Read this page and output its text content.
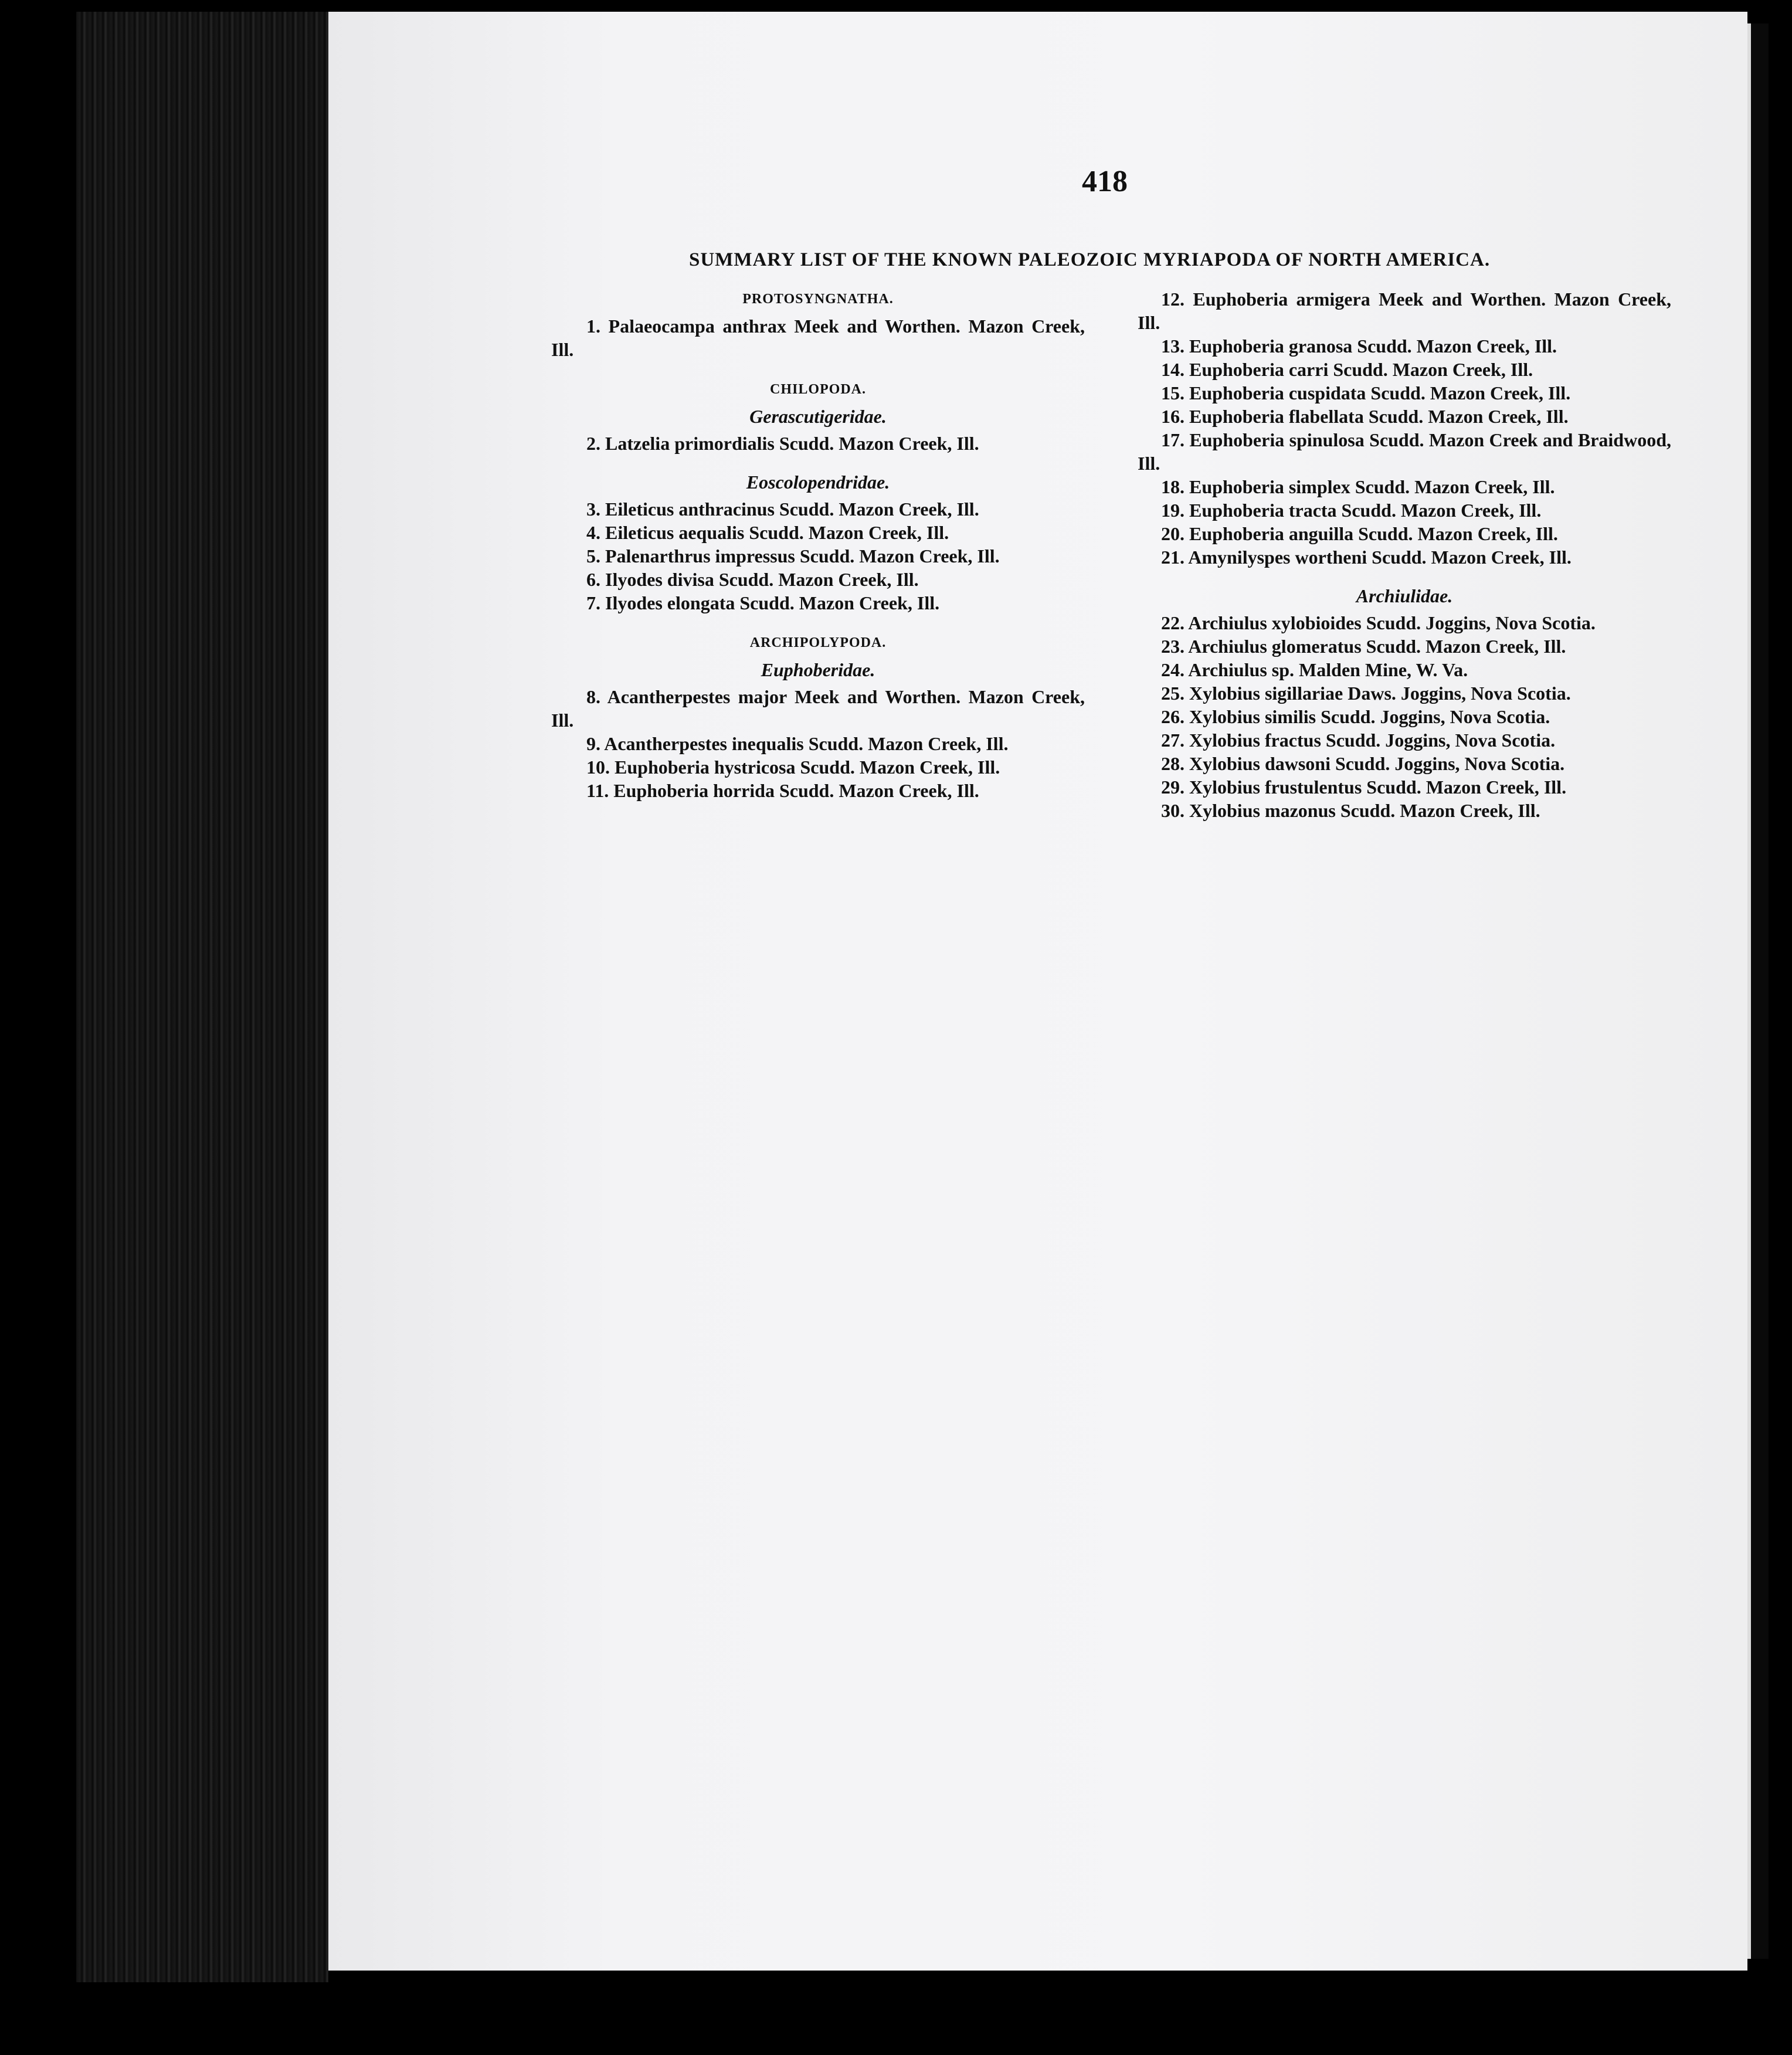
418
SUMMARY LIST OF THE KNOWN PALEOZOIC MYRIAPODA OF NORTH AMERICA.
PROTOSYNGNATHA.
1. Palaeocampa anthrax Meek and Worthen. Mazon Creek, Ill.
CHILOPODA.
Gerascutigeridae.
2. Latzelia primordialis Scudd. Mazon Creek, Ill.
Eoscolopendridae.
3. Eileticus anthracinus Scudd. Mazon Creek, Ill.
4. Eileticus aequalis Scudd. Mazon Creek, Ill.
5. Palenarthrus impressus Scudd. Mazon Creek, Ill.
6. Ilyodes divisa Scudd. Mazon Creek, Ill.
7. Ilyodes elongata Scudd. Mazon Creek, Ill.
ARCHIPOLYPODA.
Euphoberidae.
8. Acantherpestes major Meek and Worthen. Mazon Creek, Ill.
9. Acantherpestes inequalis Scudd. Mazon Creek, Ill.
10. Euphoberia hystricosa Scudd. Mazon Creek, Ill.
11. Euphoberia horrida Scudd. Mazon Creek, Ill.
12. Euphoberia armigera Meek and Worthen. Mazon Creek, Ill.
13. Euphoberia granosa Scudd. Mazon Creek, Ill.
14. Euphoberia carri Scudd. Mazon Creek, Ill.
15. Euphoberia cuspidata Scudd. Mazon Creek, Ill.
16. Euphoberia flabellata Scudd. Mazon Creek, Ill.
17. Euphoberia spinulosa Scudd. Mazon Creek and Braidwood, Ill.
18. Euphoberia simplex Scudd. Mazon Creek, Ill.
19. Euphoberia tracta Scudd. Mazon Creek, Ill.
20. Euphoberia anguilla Scudd. Mazon Creek, Ill.
21. Amynilyspes wortheni Scudd. Mazon Creek, Ill.
Archiulidae.
22. Archiulus xylobioides Scudd. Joggins, Nova Scotia.
23. Archiulus glomeratus Scudd. Mazon Creek, Ill.
24. Archiulus sp. Malden Mine, W. Va.
25. Xylobius sigillariae Daws. Joggins, Nova Scotia.
26. Xylobius similis Scudd. Joggins, Nova Scotia.
27. Xylobius fractus Scudd. Joggins, Nova Scotia.
28. Xylobius dawsoni Scudd. Joggins, Nova Scotia.
29. Xylobius frustulentus Scudd. Mazon Creek, Ill.
30. Xylobius mazonus Scudd. Mazon Creek, Ill.
